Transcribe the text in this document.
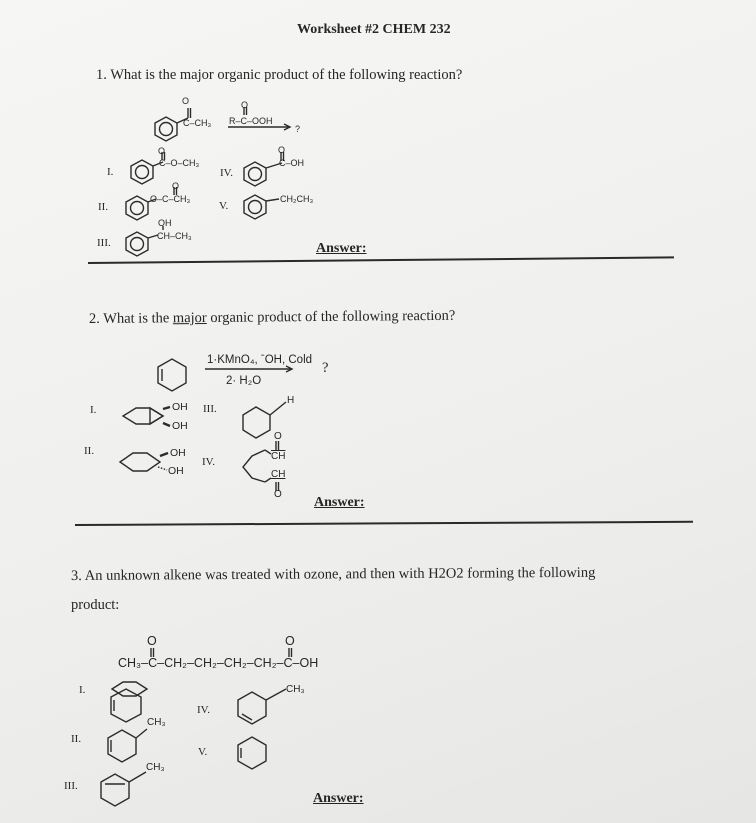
Worksheet #2 CHEM 232
1. What is the major organic product of the following reaction?
O
C–CH₃
O
R–C–OOH
?
I.
O
C–O–CH₃
II.
O
O–C–CH₃
III.
OH
CH–CH₃
IV.
O
C–OH
V.
CH₂CH₃
Answer:
2. What is the major organic product of the following reaction?
1·KMnO₄, ˉOH, Cold
2· H₂O
?
I.	OH
OH
II.	OH
OH
III.
H
IV.
O
$\overline{CH}$
CH
O
Answer:
3. An unknown alkene was treated with ozone, and then with H2O2 forming the following
product:
O	O
CH₃–C–CH₂–CH₂–CH₂–CH₂–C–OH
I.
II.
CH₃
III.
CH₃
IV.
CH₃
V.
Answer:
